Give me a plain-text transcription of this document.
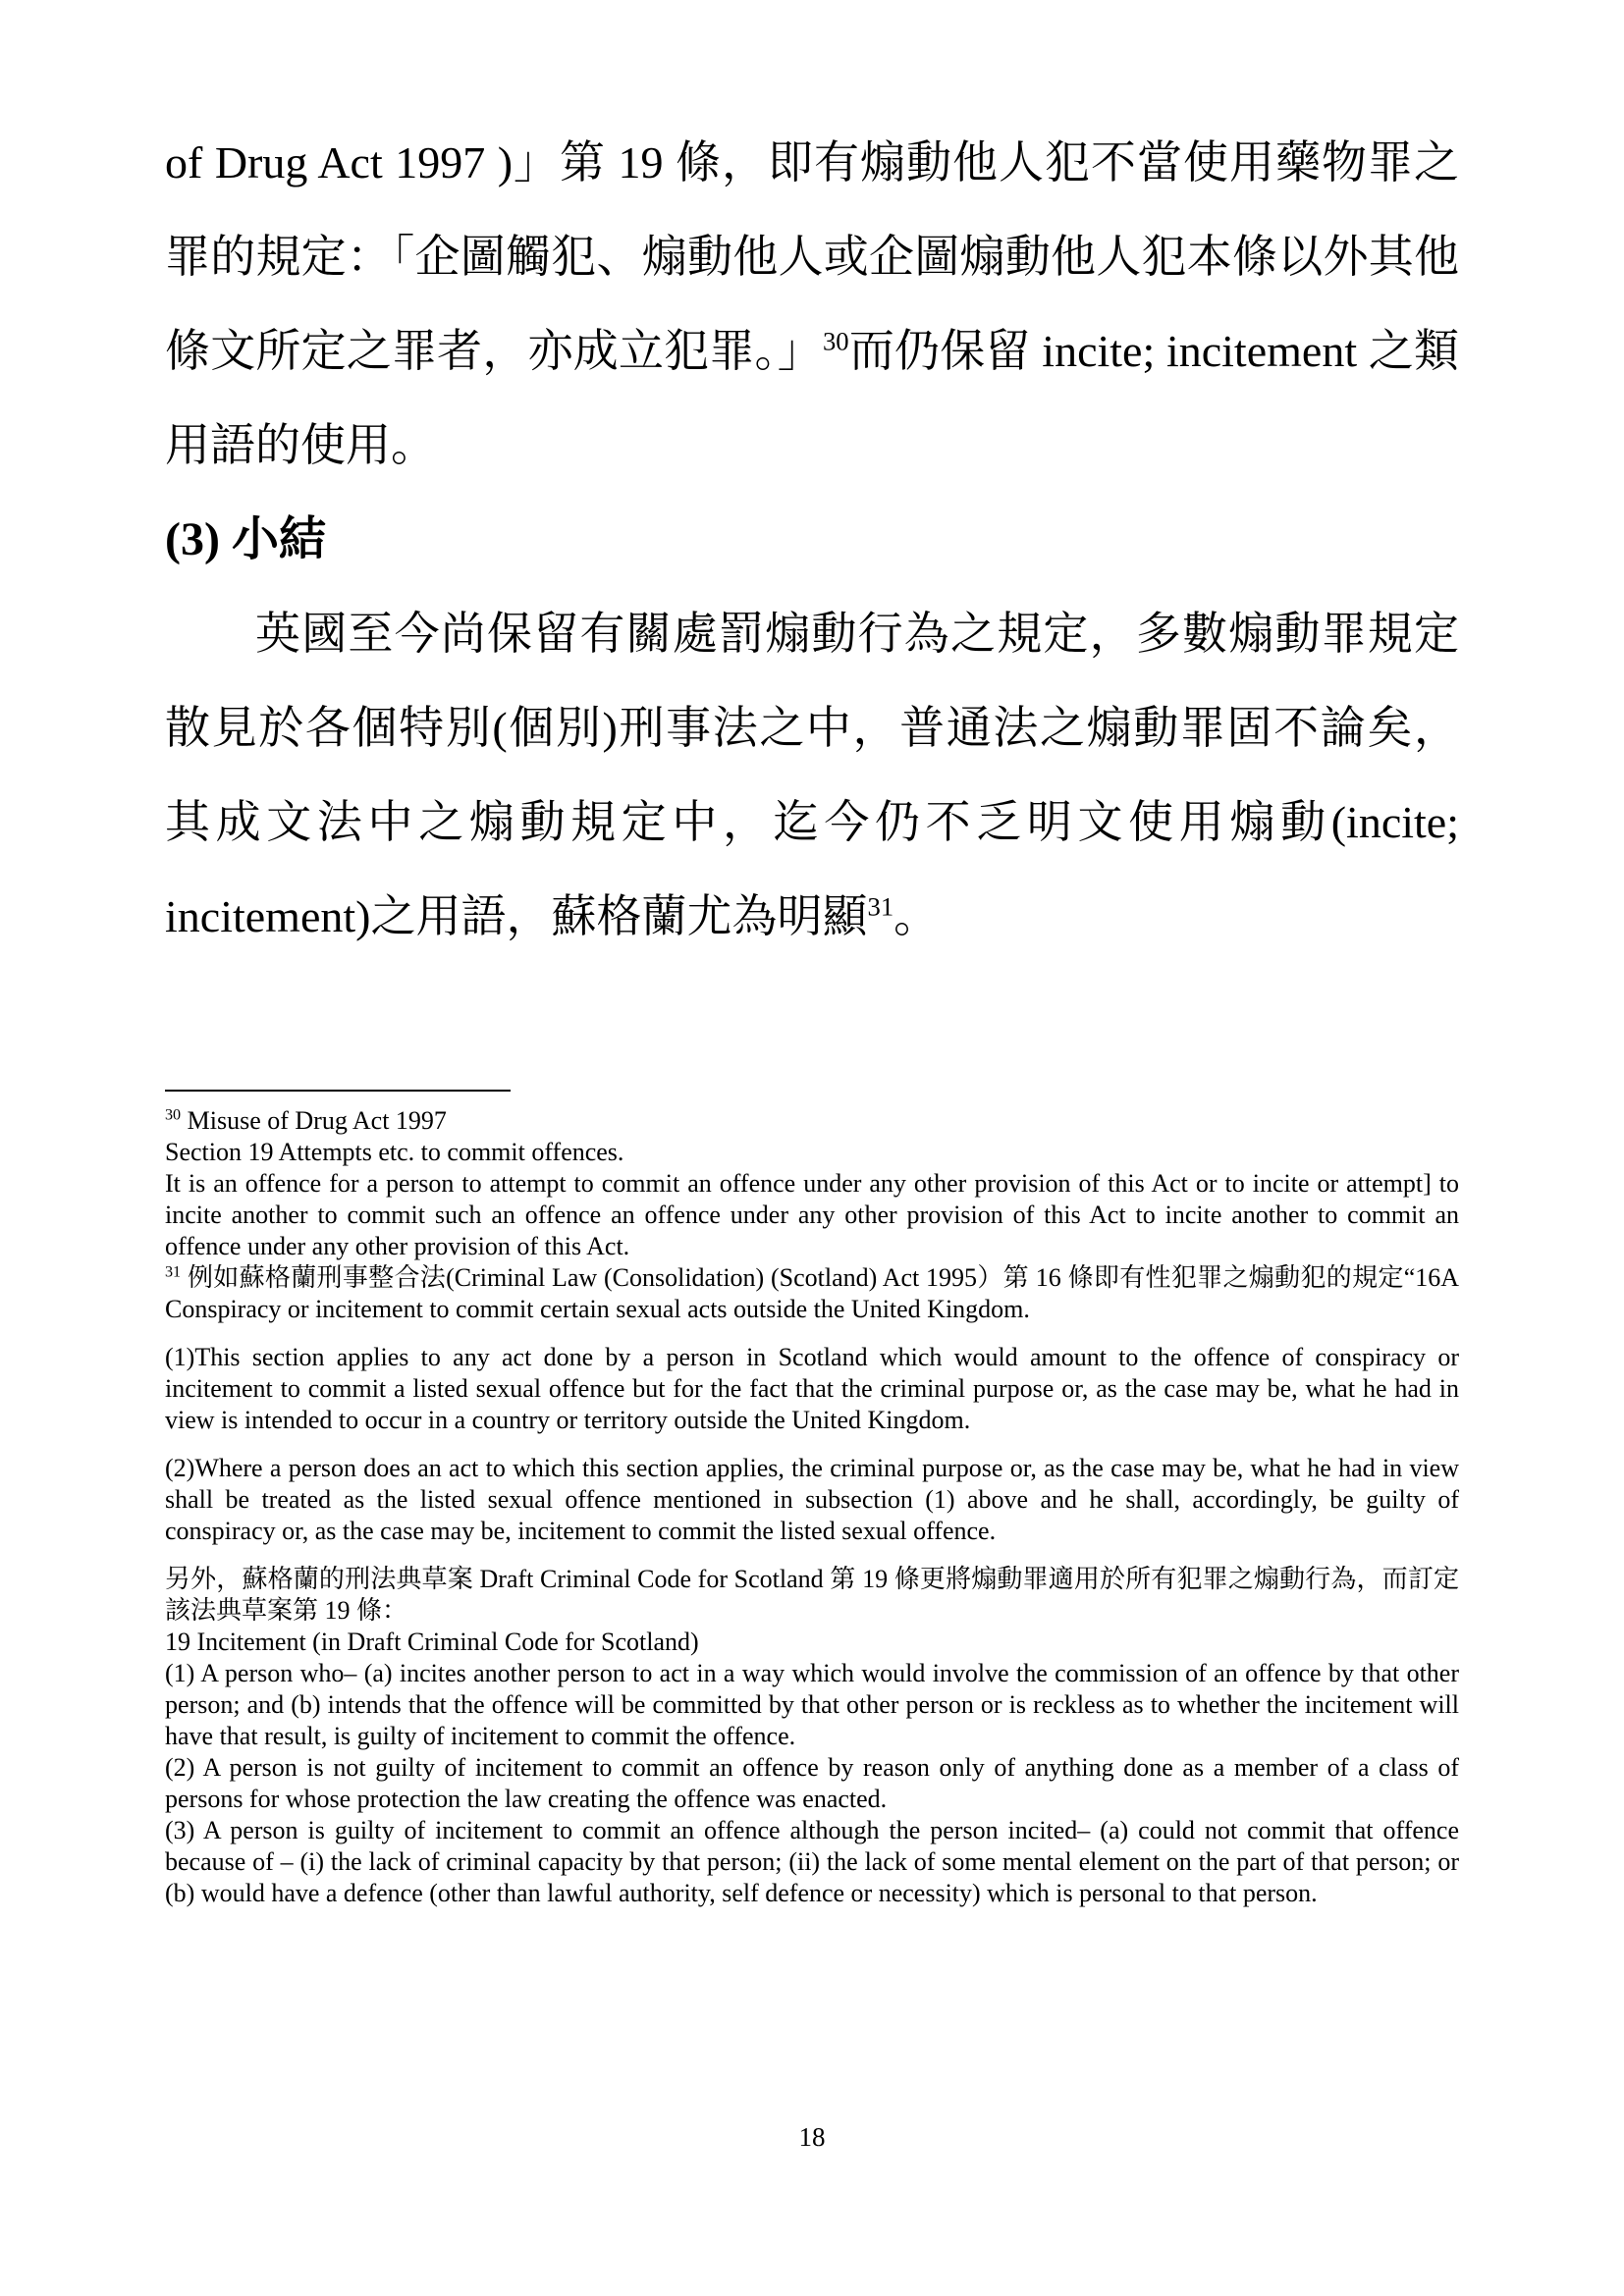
of Drug Act 1997 )」第 19 條，即有煽動他人犯不當使用藥物罪之罪的規定：「企圖觸犯、煽動他人或企圖煽動他人犯本條以外其他條文所定之罪者，亦成立犯罪。」$^{30}$而仍保留 incite; incitement 之類用語的使用。

(3) 小結

英國至今尚保留有關處罰煽動行為之規定，多數煽動罪規定散見於各個特別(個別)刑事法之中，普通法之煽動罪固不論矣，其成文法中之煽動規定中，迄今仍不乏明文使用煽動(incite; incitement)之用語，蘇格蘭尤為明顯$^{31}$。

$^{30}$ Misuse of Drug Act 1997
Section 19 Attempts etc. to commit offences.
It is an offence for a person to attempt to commit an offence under any other provision of this Act or to incite or attempt] to incite another to commit such an offence an offence under any other provision of this Act to incite another to commit an offence under any other provision of this Act.

$^{31}$ 例如蘇格蘭刑事整合法(Criminal Law (Consolidation) (Scotland) Act 1995）第 16 條即有性犯罪之煽動犯的規定“16A Conspiracy or incitement to commit certain sexual acts outside the United Kingdom.

(1)This section applies to any act done by a person in Scotland which would amount to the offence of conspiracy or incitement to commit a listed sexual offence but for the fact that the criminal purpose or, as the case may be, what he had in view is intended to occur in a country or territory outside the United Kingdom.

(2)Where a person does an act to which this section applies, the criminal purpose or, as the case may be, what he had in view shall be treated as the listed sexual offence mentioned in subsection (1) above and he shall, accordingly, be guilty of conspiracy or, as the case may be, incitement to commit the listed sexual offence.

另外，蘇格蘭的刑法典草案 Draft Criminal Code for Scotland 第 19 條更將煽動罪適用於所有犯罪之煽動行為，而訂定該法典草案第 19 條：

19 Incitement (in Draft Criminal Code for Scotland)

(1) A person who– (a) incites another person to act in a way which would involve the commission of an offence by that other person; and (b) intends that the offence will be committed by that other person or is reckless as to whether the incitement will have that result, is guilty of incitement to commit the offence.

(2) A person is not guilty of incitement to commit an offence by reason only of anything done as a member of a class of persons for whose protection the law creating the offence was enacted.

(3) A person is guilty of incitement to commit an offence although the person incited– (a) could not commit that offence because of – (i) the lack of criminal capacity by that person; (ii) the lack of some mental element on the part of that person; or (b) would have a defence (other than lawful authority, self defence or necessity) which is personal to that person.

18
